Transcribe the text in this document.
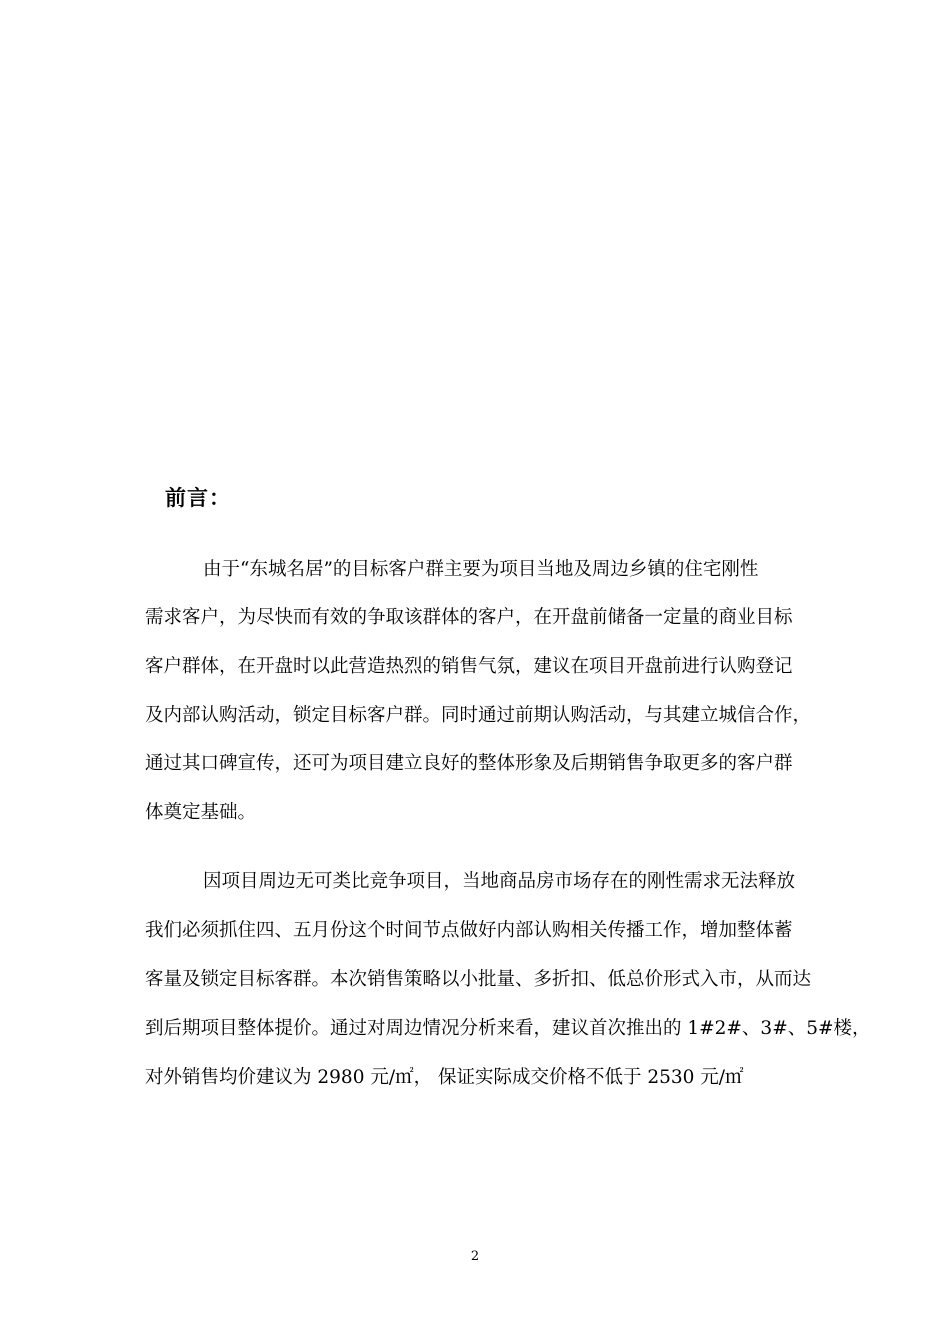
前言：
由于“东城名居”的目标客户群主要为项目当地及周边乡镇的住宅刚性
需求客户，为尽快而有效的争取该群体的客户，在开盘前储备一定量的商业目标
客户群体，在开盘时以此营造热烈的销售气氛，建议在项目开盘前进行认购登记
及内部认购活动，锁定目标客户群。同时通过前期认购活动，与其建立城信合作，
通过其口碑宣传，还可为项目建立良好的整体形象及后期销售争取更多的客户群
体奠定基础。
因项目周边无可类比竞争项目，当地商品房市场存在的刚性需求无法释放
我们必须抓住四、五月份这个时间节点做好内部认购相关传播工作，增加整体蓄
客量及锁定目标客群。本次销售策略以小批量、多折扣、低总价形式入市，从而达
到后期项目整体提价。通过对周边情况分析来看，建议首次推出的 1#2#、3#、5#楼，
对外销售均价建议为 2980 元/㎡， 保证实际成交价格不低于 2530 元/㎡
2
